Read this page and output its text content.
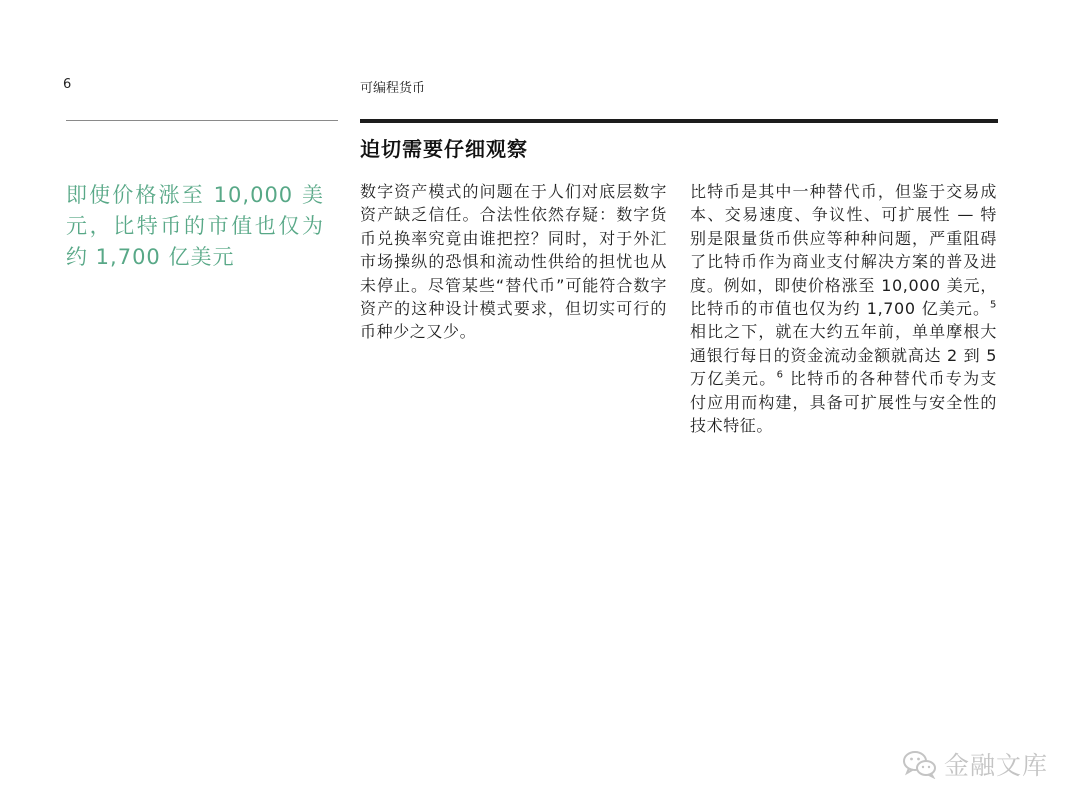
6	可编程货币
迫切需要仔细观察
即使价格涨至 10,000 美元，比特币的市值也仅为约 1,700 亿美元
数字资产模式的问题在于人们对底层数字资产缺乏信任。合法性依然存疑：数字货币兑换率究竟由谁把控？同时，对于外汇市场操纵的恐惧和流动性供给的担忧也从未停止。尽管某些“替代币”可能符合数字资产的这种设计模式要求，但切实可行的币种少之又少。
比特币是其中一种替代币，但鉴于交易成本、交易速度、争议性、可扩展性 — 特别是限量货币供应等种种问题，严重阻碍了比特币作为商业支付解决方案的普及进度。例如，即使价格涨至 10,000 美元，比特币的市值也仅为约 1,700 亿美元。$^5$ 相比之下，就在大约五年前，单单摩根大通银行每日的资金流动金额就高达 2 到 5 万亿美元。$^6$ 比特币的各种替代币专为支付应用而构建，具备可扩展性与安全性的技术特征。
金融文库
